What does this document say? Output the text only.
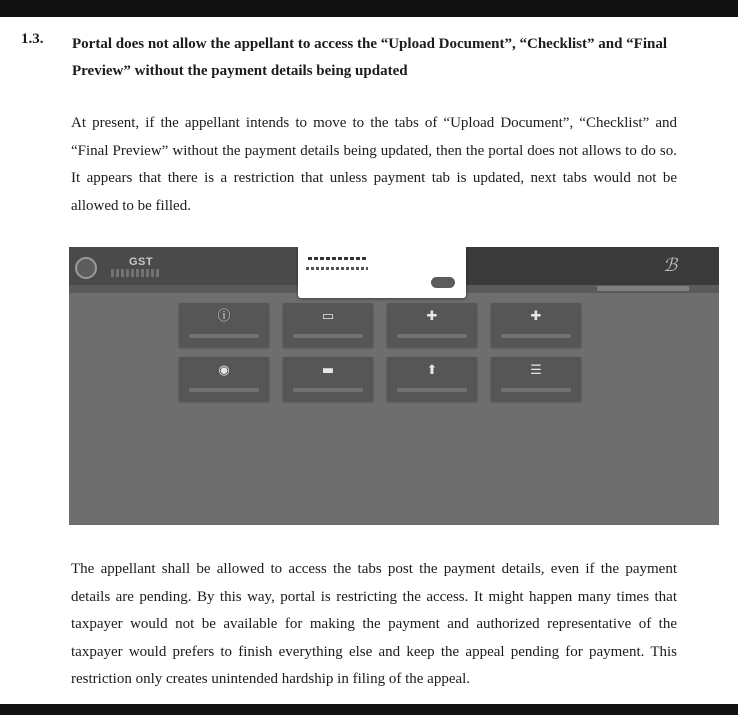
1.3. Portal does not allow the appellant to access the “Upload Document”, “Checklist” and “Final Preview” without the payment details being updated
At present, if the appellant intends to move to the tabs of “Upload Document”, “Checklist” and “Final Preview” without the payment details being updated, then the portal does not allows to do so. It appears that there is a restriction that unless payment tab is updated, next tabs would not be allowed to be filled.
GST	ℬ
ⓘ	▭	✚	✚
◉	▬	⬆	☰
The appellant shall be allowed to access the tabs post the payment details, even if the payment details are pending. By this way, portal is restricting the access. It might happen many times that taxpayer would not be available for making the payment and authorized representative of the taxpayer would prefers to finish everything else and keep the appeal pending for payment. This restriction only creates unintended hardship in filing of the appeal.
